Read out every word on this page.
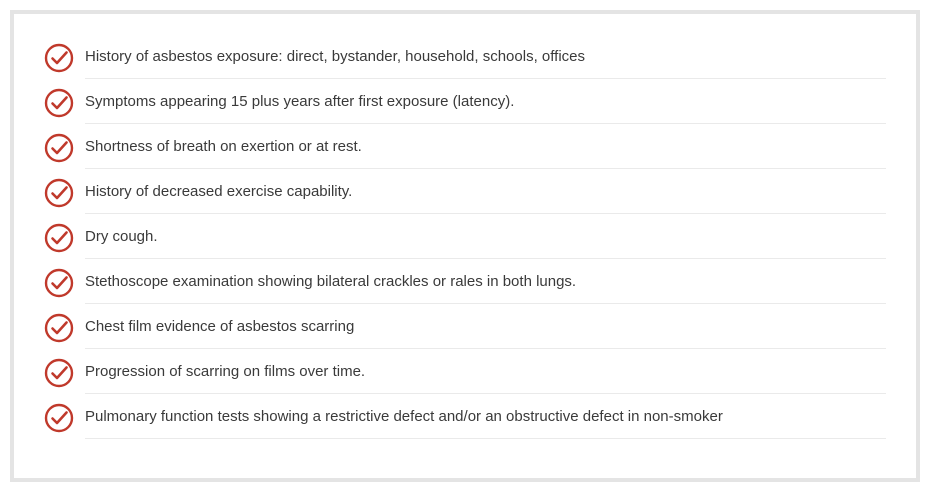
History of asbestos exposure: direct, bystander, household, schools, offices
Symptoms appearing 15 plus years after first exposure (latency).
Shortness of breath on exertion or at rest.
History of decreased exercise capability.
Dry cough.
Stethoscope examination showing bilateral crackles or rales in both lungs.
Chest film evidence of asbestos scarring
Progression of scarring on films over time.
Pulmonary function tests showing a restrictive defect and/or an obstructive defect in non-smoker
